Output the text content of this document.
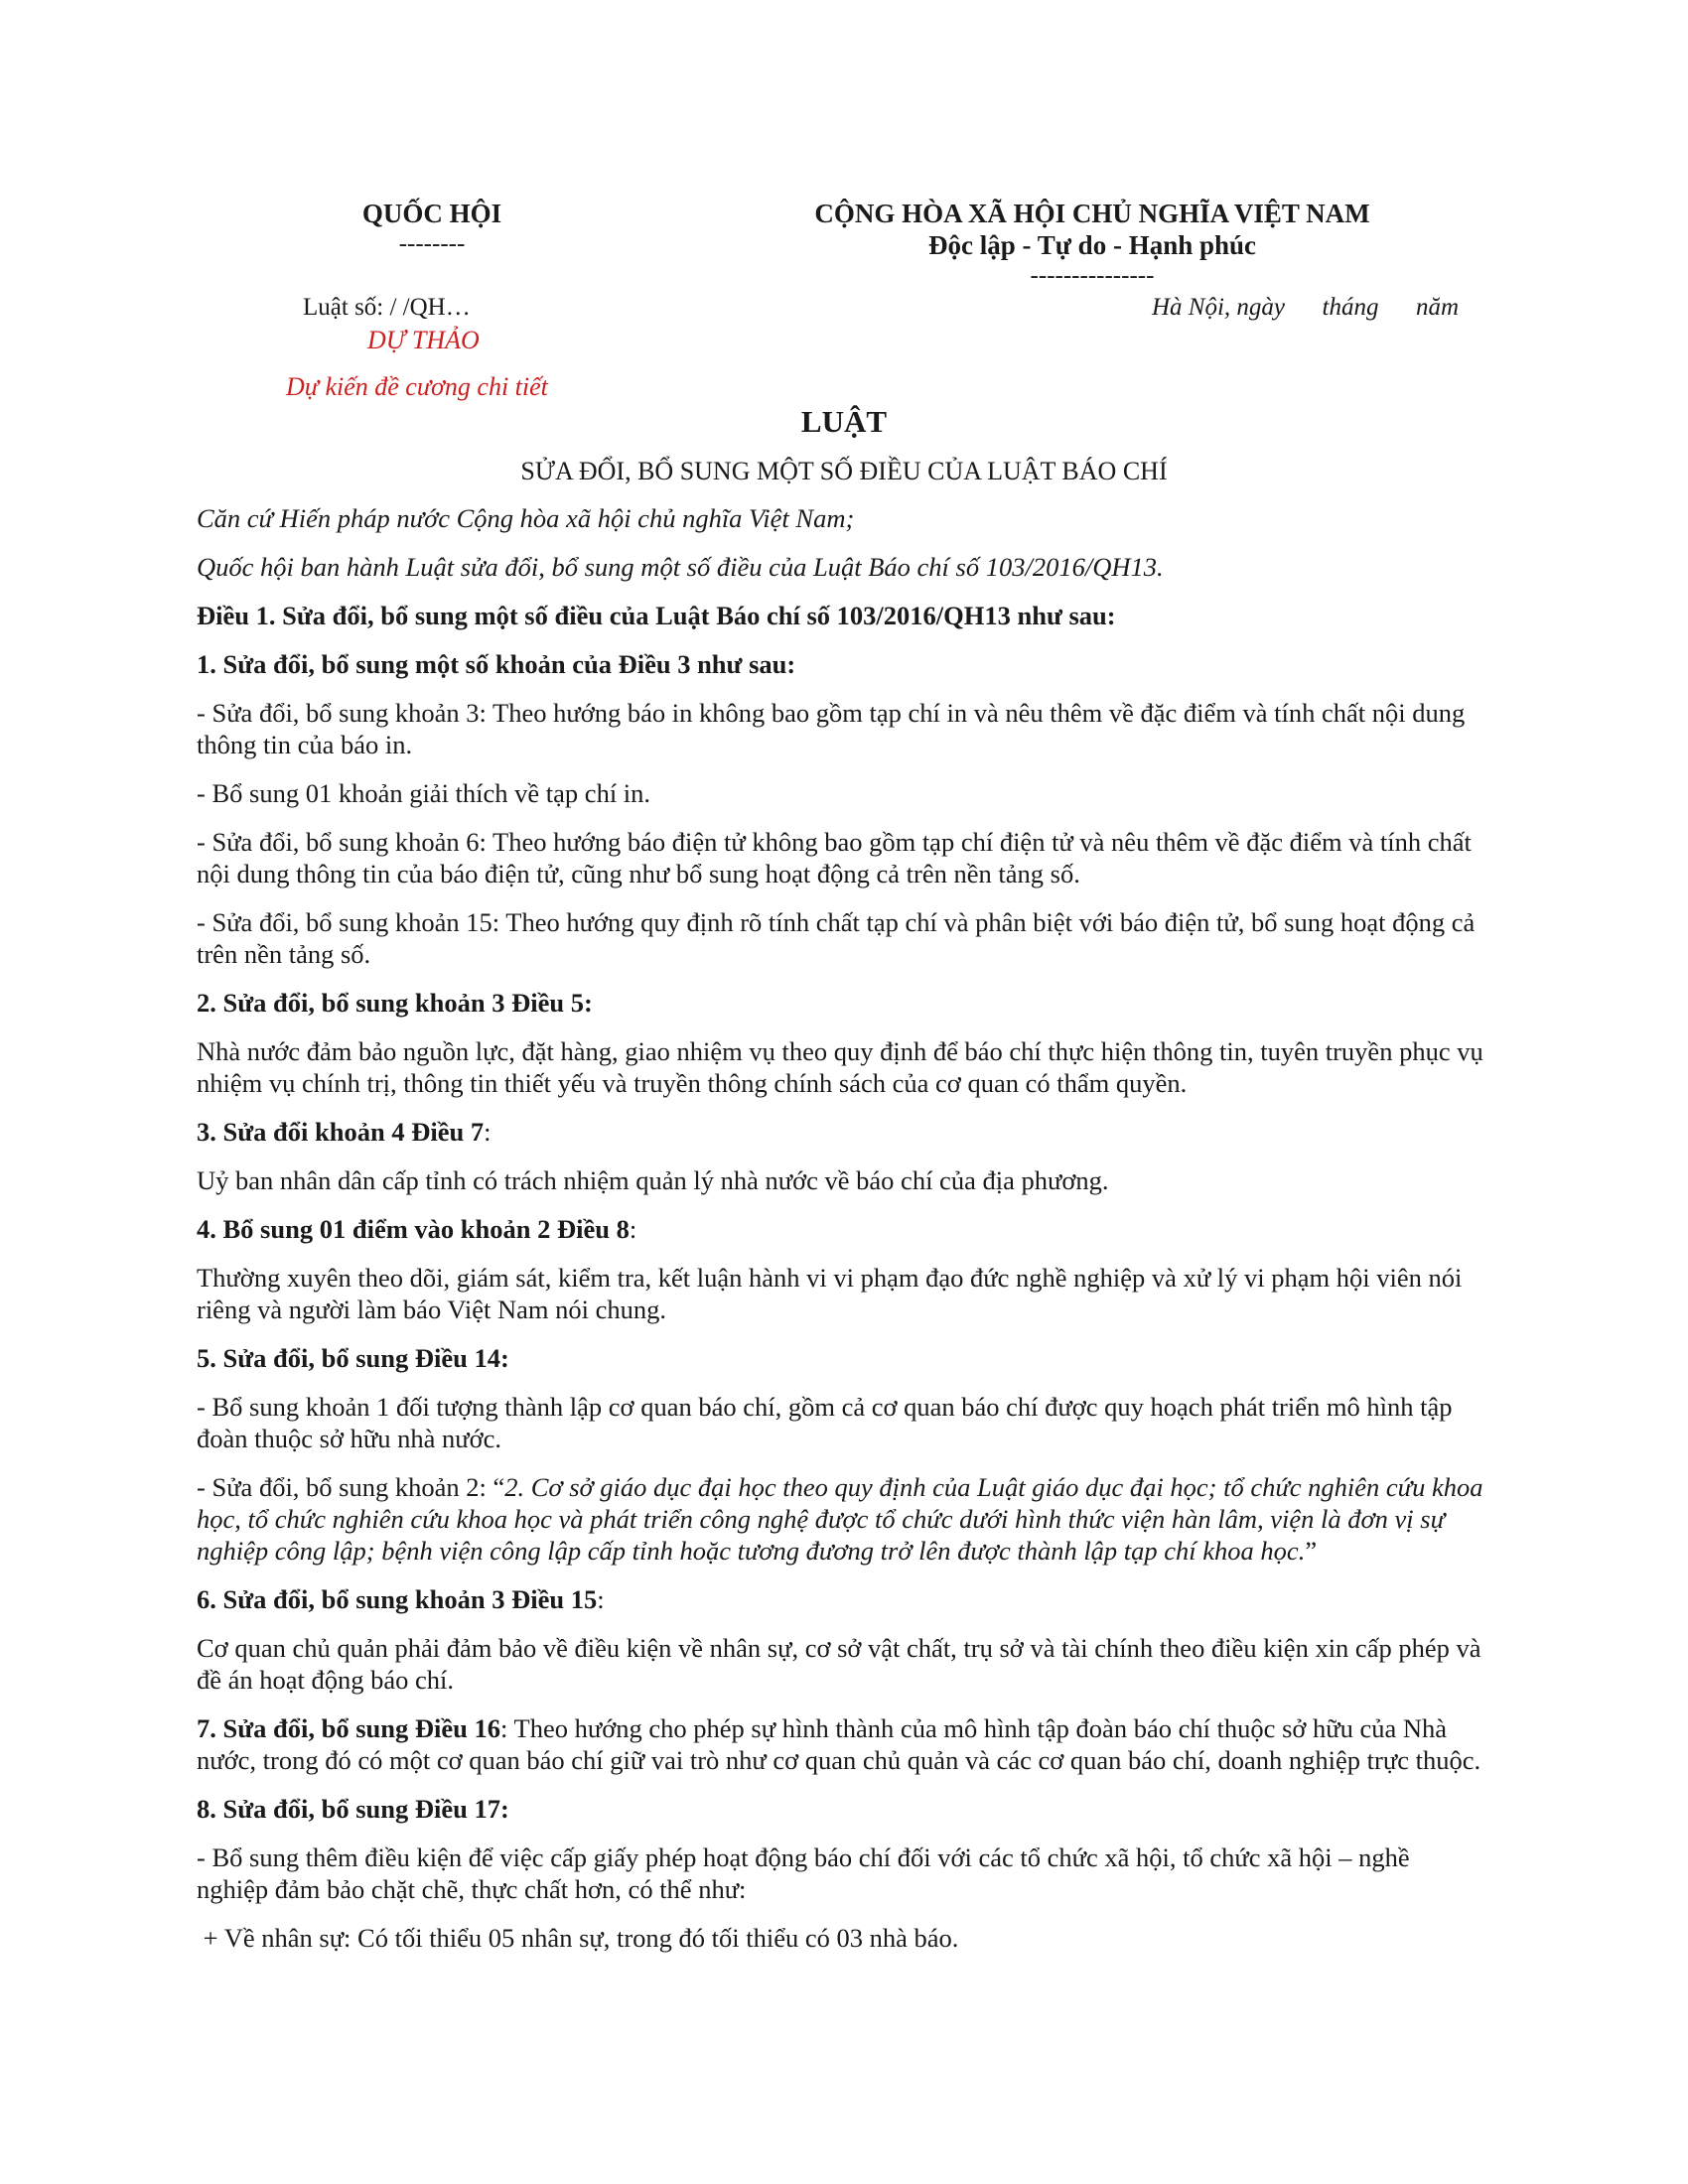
QUỐC HỘI
--------
CỘNG HÒA XÃ HỘI CHỦ NGHĨA VIỆT NAM
Độc lập - Tự do - Hạnh phúc
---------------
Luật số: / /QH…
DỰ THẢO
Dự kiến đề cương chi tiết
Hà Nội, ngày      tháng      năm
LUẬT
SỬA ĐỔI, BỔ SUNG MỘT SỐ ĐIỀU CỦA LUẬT BÁO CHÍ

Căn cứ Hiến pháp nước Cộng hòa xã hội chủ nghĩa Việt Nam;

Quốc hội ban hành Luật sửa đổi, bổ sung một số điều của Luật Báo chí số 103/2016/QH13.

Điều 1. Sửa đổi, bổ sung một số điều của Luật Báo chí số 103/2016/QH13 như sau:

1. Sửa đổi, bổ sung một số khoản của Điều 3 như sau:

- Sửa đổi, bổ sung khoản 3: Theo hướng báo in không bao gồm tạp chí in và nêu thêm về đặc điểm và tính chất nội dung thông tin của báo in.

- Bổ sung 01 khoản giải thích về tạp chí in.

- Sửa đổi, bổ sung khoản 6: Theo hướng báo điện tử không bao gồm tạp chí điện tử và nêu thêm về đặc điểm và tính chất nội dung thông tin của báo điện tử, cũng như bổ sung hoạt động cả trên nền tảng số.

- Sửa đổi, bổ sung khoản 15: Theo hướng quy định rõ tính chất tạp chí và phân biệt với báo điện tử, bổ sung hoạt động cả trên nền tảng số.

2. Sửa đổi, bổ sung khoản 3 Điều 5:

Nhà nước đảm bảo nguồn lực, đặt hàng, giao nhiệm vụ theo quy định để báo chí thực hiện thông tin, tuyên truyền phục vụ nhiệm vụ chính trị, thông tin thiết yếu và truyền thông chính sách của cơ quan có thẩm quyền.

3. Sửa đổi khoản 4 Điều 7:

Uỷ ban nhân dân cấp tỉnh có trách nhiệm quản lý nhà nước về báo chí của địa phương.

4. Bổ sung 01 điểm vào khoản 2 Điều 8:

Thường xuyên theo dõi, giám sát, kiểm tra, kết luận hành vi vi phạm đạo đức nghề nghiệp và xử lý vi phạm hội viên nói riêng và người làm báo Việt Nam nói chung.

5. Sửa đổi, bổ sung Điều 14:

- Bổ sung khoản 1 đối tượng thành lập cơ quan báo chí, gồm cả cơ quan báo chí được quy hoạch phát triển mô hình tập đoàn thuộc sở hữu nhà nước.

- Sửa đổi, bổ sung khoản 2: “2. Cơ sở giáo dục đại học theo quy định của Luật giáo dục đại học; tổ chức nghiên cứu khoa học, tổ chức nghiên cứu khoa học và phát triển công nghệ được tổ chức dưới hình thức viện hàn lâm, viện là đơn vị sự nghiệp công lập; bệnh viện công lập cấp tỉnh hoặc tương đương trở lên được thành lập tạp chí khoa học.”

6. Sửa đổi, bổ sung khoản 3 Điều 15:

Cơ quan chủ quản phải đảm bảo về điều kiện về nhân sự, cơ sở vật chất, trụ sở và tài chính theo điều kiện xin cấp phép và đề án hoạt động báo chí.

7. Sửa đổi, bổ sung Điều 16: Theo hướng cho phép sự hình thành của mô hình tập đoàn báo chí thuộc sở hữu của Nhà nước, trong đó có một cơ quan báo chí giữ vai trò như cơ quan chủ quản và các cơ quan báo chí, doanh nghiệp trực thuộc.

8. Sửa đổi, bổ sung Điều 17:

- Bổ sung thêm điều kiện để việc cấp giấy phép hoạt động báo chí đối với các tổ chức xã hội, tổ chức xã hội – nghề nghiệp đảm bảo chặt chẽ, thực chất hơn, có thể như:

+ Về nhân sự: Có tối thiểu 05 nhân sự, trong đó tối thiểu có 03 nhà báo.
